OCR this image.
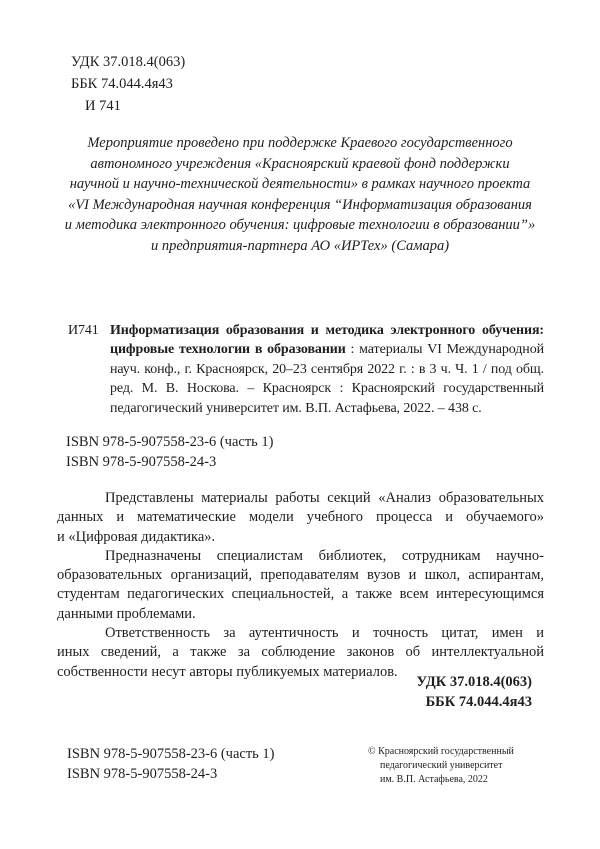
УДК 37.018.4(063)
ББК 74.044.4я43
И 741
Мероприятие проведено при поддержке Краевого государственного
автономного учреждения «Красноярский краевой фонд поддержки
научной и научно-технической деятельности» в рамках научного проекта
«VI Международная научная конференция “Информатизация образования
и методика электронного обучения: цифровые технологии в образовании”»
и предприятия-партнера АО «ИРТех» (Самара)
И741 Информатизация образования и методика электронного обучения:
цифровые технологии в образовании : материалы VI Международной
науч. конф., г. Красноярск, 20–23 сентября 2022 г. : в 3 ч. Ч. 1 / под общ.
ред. М. В. Носкова. – Красноярск : Красноярский государственный
педагогический университет им. В.П. Астафьева, 2022. – 438 с.
ISBN 978-5-907558-23-6 (часть 1)
ISBN 978-5-907558-24-3
Представлены материалы работы секций «Анализ образовательных
данных и математические модели учебного процесса и обучаемого»
и «Цифровая дидактика».
Предназначены специалистам библиотек, сотрудникам научно-
образовательных организаций, преподавателям вузов и школ, аспирантам,
студентам педагогических специальностей, а также всем интересующимся
данными проблемами.
Ответственность за аутентичность и точность цитат, имен и
иных сведений, а также за соблюдение законов об интеллектуальной
собственности несут авторы публикуемых материалов.
УДК 37.018.4(063)
ББК 74.044.4я43
ISBN 978-5-907558-23-6 (часть 1)
ISBN 978-5-907558-24-3
© Красноярский государственный
педагогический университет
им. В.П. Астафьева, 2022
